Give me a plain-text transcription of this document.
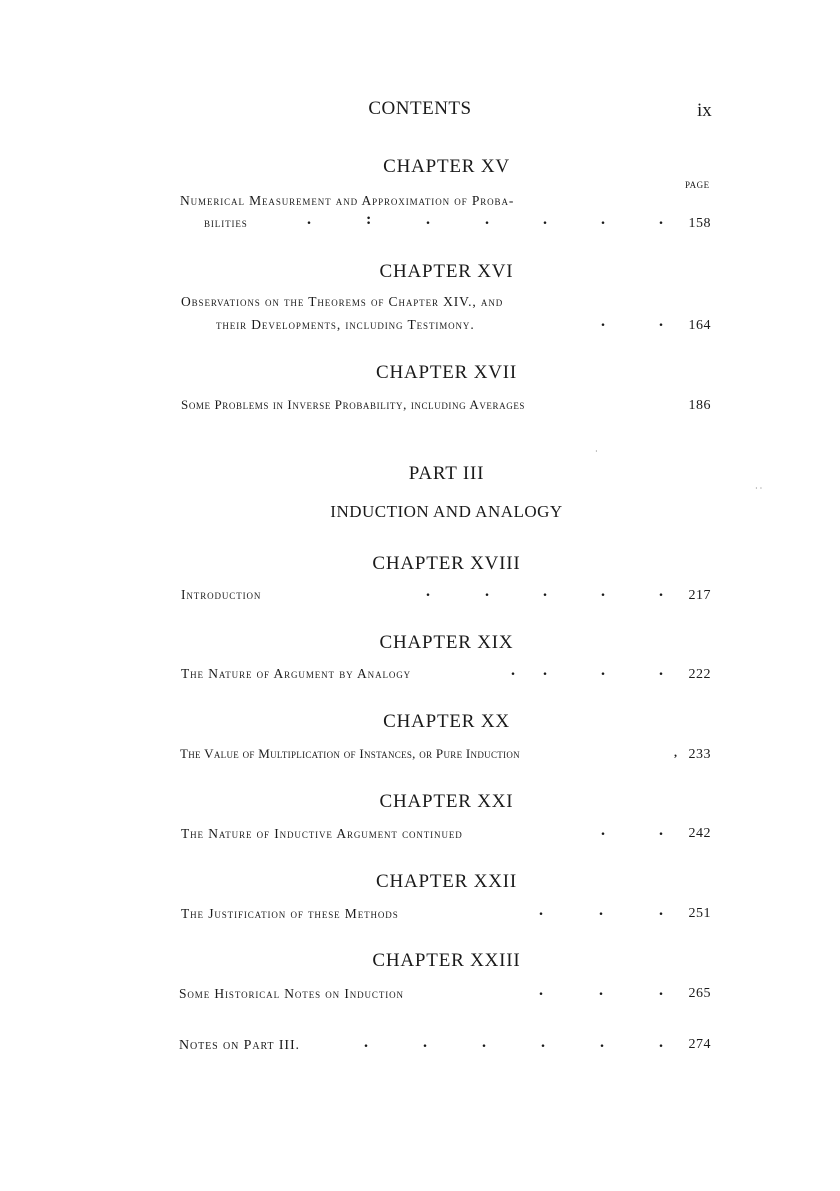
CONTENTS	ix
CHAPTER XV
PAGE
Numerical Measurement and Approximation of Proba-
bilities	.	:	.	.	.	.	.	158
CHAPTER XVI
Observations on the Theorems of Chapter XIV., and
their Developments, including Testimony.	.	.	164
CHAPTER XVII
Some Problems in Inverse Probability, including Averages	186
·
PART III
INDUCTION AND ANALOGY
· ·
CHAPTER XVIII
Introduction	.	.	.	.	.	217
CHAPTER XIX
The Nature of Argument by Analogy	. .	.	.	222
CHAPTER XX
The Value of Multiplication of Instances, or Pure Induction	, 233
CHAPTER XXI
The Nature of Inductive Argument continued	.	.	242
CHAPTER XXII
The Justification of these Methods	.	.	.	251
CHAPTER XXIII
Some Historical Notes on Induction	.	.	.	265
Notes on Part III.	.	.	.	.	.	.	274
